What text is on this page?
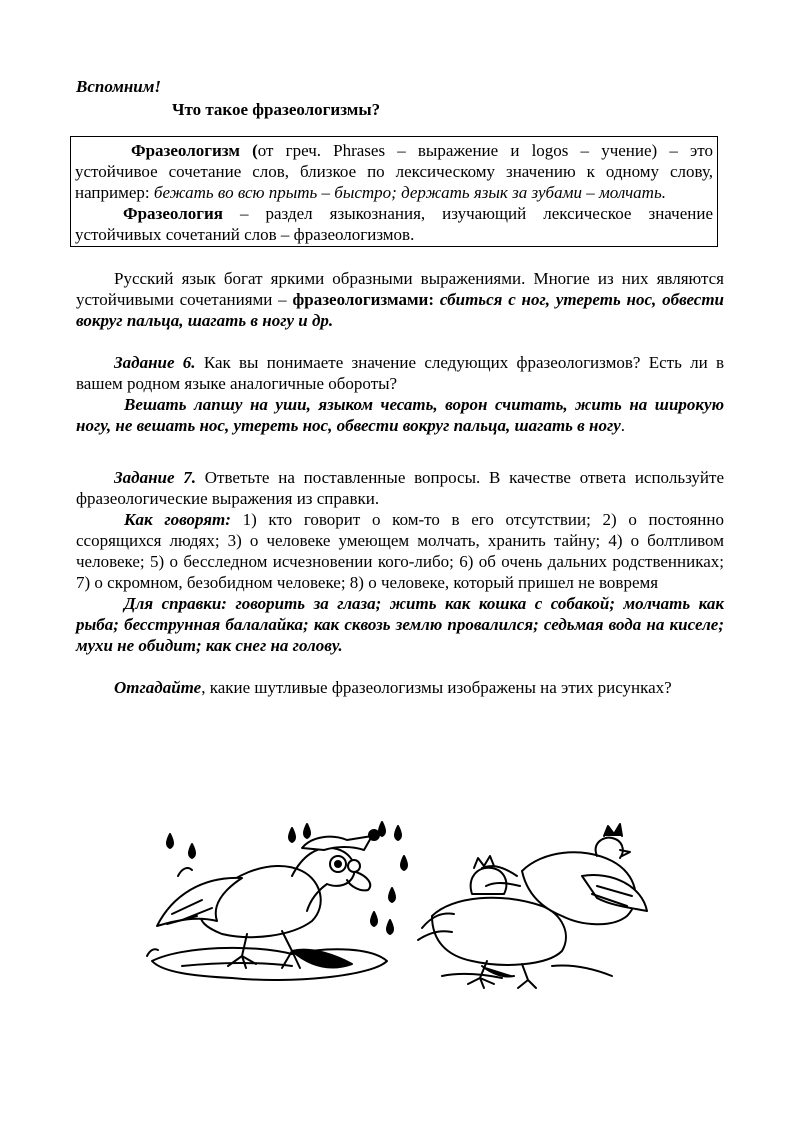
Вспомним!

Что такое фразеологизмы?

Фразеологизм (от греч. Phrases – выражение и logos – учение) – это устойчивое сочетание слов, близкое по лексическому значению к одному слову, например: бежать во всю прыть – быстро; держать язык за зубами – молчать.

Фразеология – раздел языкознания, изучающий лексическое значение устойчивых сочетаний слов – фразеологизмов.

Русский язык богат яркими образными выражениями. Многие из них являются устойчивыми сочетаниями – фразеологизмами: сбиться с ног, утереть нос, обвести вокруг пальца, шагать в ногу и др.

Задание 6. Как вы понимаете значение следующих фразеологизмов? Есть ли в вашем родном языке аналогичные обороты?

Вешать лапшу на уши, языком чесать, ворон считать, жить на широкую ногу, не вешать нос, утереть нос, обвести вокруг пальца, шагать в ногу.

Задание 7. Ответьте на поставленные вопросы. В качестве ответа используйте фразеологические выражения из справки.

Как говорят: 1) кто говорит о ком-то в его отсутствии; 2) о постоянно ссорящихся людях; 3) о человеке умеющем молчать, хранить тайну; 4) о болтливом человеке; 5) о бесследном исчезновении кого-либо; 6) об очень дальних родственниках; 7) о скромном, безобидном человеке; 8) о человеке, который пришел не вовремя

Для справки: говорить за глаза; жить как кошка с собакой; молчать как рыба; бесструнная балалайка; как сквозь землю провалился; седьмая вода на киселе; мухи не обидит; как снег на голову.

Отгадайте, какие шутливые фразеологизмы изображены на этих рисунках?
